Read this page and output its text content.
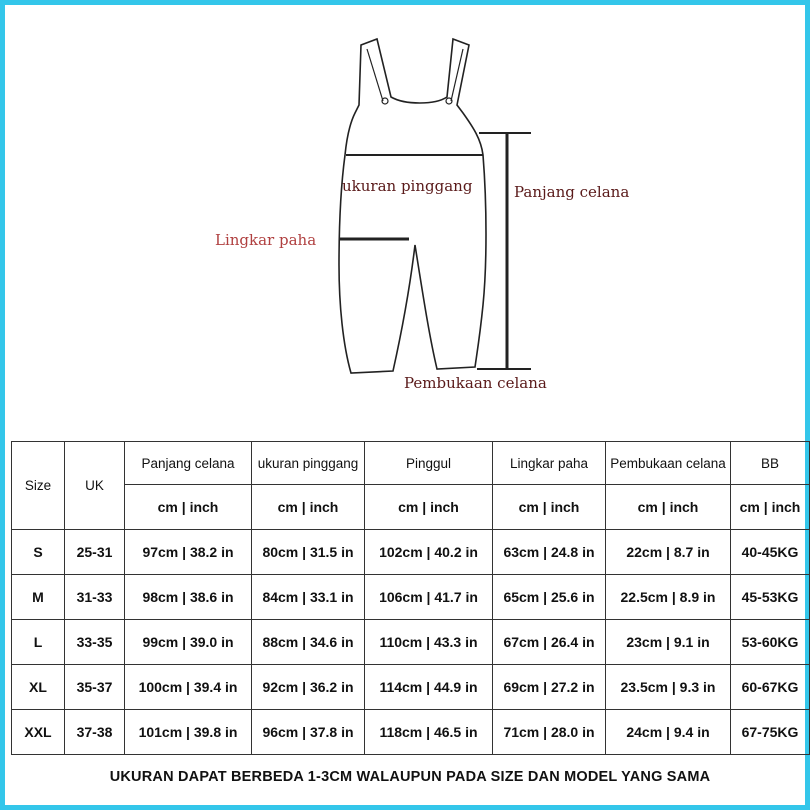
ukuran pinggang	Panjang celana
Lingkar paha
Pembukaan celana
Size	UK	Panjang celana	ukuran pinggang	Pinggul	Lingkar paha	Pembukaan celana	BB
		cm | inch	cm | inch	cm | inch	cm | inch	cm | inch	cm | inch
S	25-31	97cm | 38.2 in	80cm | 31.5 in	102cm | 40.2 in	63cm | 24.8 in	22cm | 8.7 in	40-45KG
M	31-33	98cm | 38.6 in	84cm | 33.1 in	106cm | 41.7 in	65cm | 25.6 in	22.5cm | 8.9 in	45-53KG
L	33-35	99cm | 39.0 in	88cm | 34.6 in	110cm | 43.3 in	67cm | 26.4 in	23cm | 9.1 in	53-60KG
XL	35-37	100cm | 39.4 in	92cm | 36.2 in	114cm | 44.9 in	69cm | 27.2 in	23.5cm | 9.3 in	60-67KG
XXL	37-38	101cm | 39.8 in	96cm | 37.8 in	118cm | 46.5 in	71cm | 28.0 in	24cm | 9.4 in	67-75KG
UKURAN DAPAT BERBEDA 1-3CM WALAUPUN PADA SIZE DAN MODEL YANG SAMA
